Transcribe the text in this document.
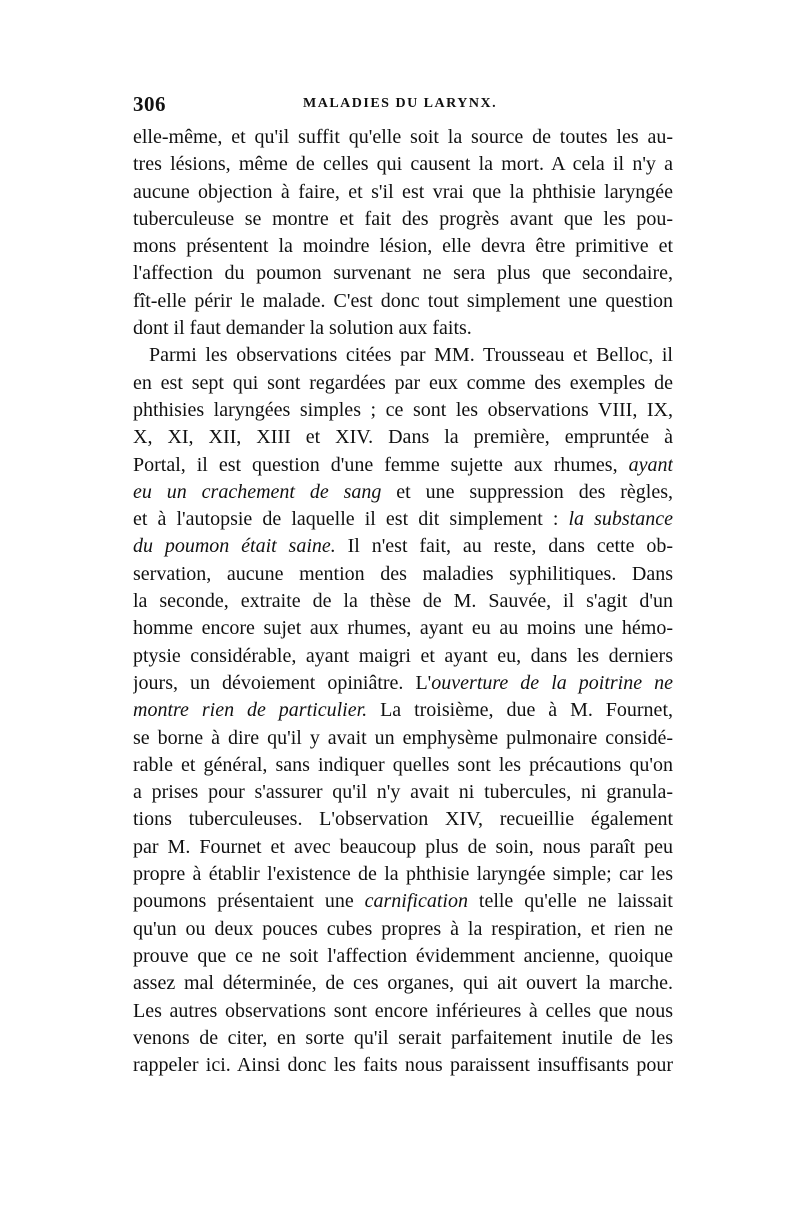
306	MALADIES DU LARYNX.
elle-même, et qu'il suffit qu'elle soit la source de toutes les au-
tres lésions, même de celles qui causent la mort. A cela il n'y a
aucune objection à faire, et s'il est vrai que la phthisie laryngée
tuberculeuse se montre et fait des progrès avant que les pou-
mons présentent la moindre lésion, elle devra être primitive et
l'affection du poumon survenant ne sera plus que secondaire,
fît-elle périr le malade. C'est donc tout simplement une question
dont il faut demander la solution aux faits.
Parmi les observations citées par MM. Trousseau et Belloc, il
en est sept qui sont regardées par eux comme des exemples de
phthisies laryngées simples ; ce sont les observations VIII, IX,
X, XI, XII, XIII et XIV. Dans la première, empruntée à
Portal, il est question d'une femme sujette aux rhumes, ayant
eu un crachement de sang et une suppression des règles,
et à l'autopsie de laquelle il est dit simplement : la substance
du poumon était saine. Il n'est fait, au reste, dans cette ob-
servation, aucune mention des maladies syphilitiques. Dans
la seconde, extraite de la thèse de M. Sauvée, il s'agit d'un
homme encore sujet aux rhumes, ayant eu au moins une hémo-
ptysie considérable, ayant maigri et ayant eu, dans les derniers
jours, un dévoiement opiniâtre. L'ouverture de la poitrine ne
montre rien de particulier. La troisième, due à M. Fournet,
se borne à dire qu'il y avait un emphysème pulmonaire considé-
rable et général, sans indiquer quelles sont les précautions qu'on
a prises pour s'assurer qu'il n'y avait ni tubercules, ni granula-
tions tuberculeuses. L'observation XIV, recueillie également
par M. Fournet et avec beaucoup plus de soin, nous paraît peu
propre à établir l'existence de la phthisie laryngée simple; car les
poumons présentaient une carnification telle qu'elle ne laissait
qu'un ou deux pouces cubes propres à la respiration, et rien ne
prouve que ce ne soit l'affection évidemment ancienne, quoique
assez mal déterminée, de ces organes, qui ait ouvert la marche.
Les autres observations sont encore inférieures à celles que nous
venons de citer, en sorte qu'il serait parfaitement inutile de les
rappeler ici. Ainsi donc les faits nous paraissent insuffisants pour
